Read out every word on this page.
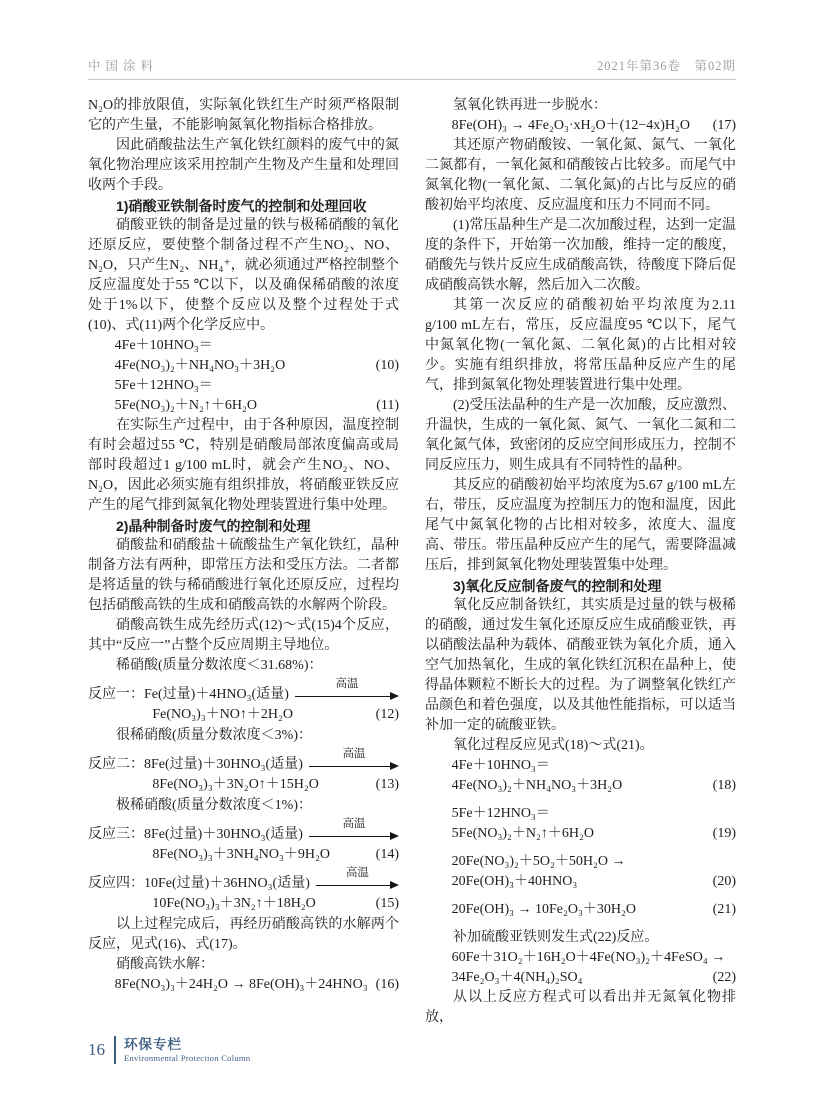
中国涂料	2021年第36卷　第02期
N₂O的排放限值，实际氧化铁红生产时须严格限制它的产生量，不能影响氮氧化物指标合格排放。
因此硝酸盐法生产氧化铁红颜料的废气中的氮氧化物治理应该采用控制产生物及产生量和处理回收两个手段。
1)硝酸亚铁制备时废气的控制和处理回收
硝酸亚铁的制备是过量的铁与极稀硝酸的氧化还原反应，要使整个制备过程不产生NO₂、NO、N₂O，只产生N₂、NH₄⁺，就必须通过严格控制整个反应温度处于55 ℃以下，以及确保稀硝酸的浓度处于1%以下，使整个反应以及整个过程处于式(10)、式(11)两个化学反应中。
4Fe＋10HNO₃＝
4Fe(NO₃)₂＋NH₄NO₃＋3H₂O	(10)
5Fe＋12HNO₃＝
5Fe(NO₃)₂＋N₂↑＋6H₂O	(11)
在实际生产过程中，由于各种原因，温度控制有时会超过55 ℃，特别是硝酸局部浓度偏高或局部时段超过1 g/100 mL时，就会产生NO₂、NO、N₂O，因此必须实施有组织排放，将硝酸亚铁反应产生的尾气排到氮氧化物处理装置进行集中处理。
2)晶种制备时废气的控制和处理
硝酸盐和硝酸盐＋硫酸盐生产氧化铁红，晶种制备方法有两种，即常压方法和受压方法。二者都是将适量的铁与稀硝酸进行氧化还原反应，过程均包括硝酸高铁的生成和硝酸高铁的水解两个阶段。
硝酸高铁生成先经历式(12)～式(15)4个反应，其中“反应一”占整个反应周期主导地位。
稀硝酸(质量分数浓度＜31.68%)：
反应一： Fe(过量)＋4HNO₃(适量)
高温
Fe(NO₃)₃＋NO↑＋2H₂O	(12)
很稀硝酸(质量分数浓度＜3%)：
反应二： 8Fe(过量)＋30HNO₃(适量)
高温
8Fe(NO₃)₃＋3N₂O↑＋15H₂O	(13)
极稀硝酸(质量分数浓度＜1%)：
反应三： 8Fe(过量)＋30HNO₃(适量)
高温
8Fe(NO₃)₃＋3NH₄NO₃＋9H₂O	(14)
反应四： 10Fe(过量)＋36HNO₃(适量)
高温
10Fe(NO₃)₃＋3N₂↑＋18H₂O	(15)
以上过程完成后，再经历硝酸高铁的水解两个反应，见式(16)、式(17)。
硝酸高铁水解：
8Fe(NO₃)₃＋24H₂O → 8Fe(OH)₃＋24HNO₃ (16)
氢氧化铁再进一步脱水：
8Fe(OH)₃ → 4Fe₂O₃·xH₂O＋(12−4x)H₂O (17)
其还原产物硝酸铵、一氧化氮、氮气、一氧化二氮都有，一氧化氮和硝酸铵占比较多。而尾气中氮氧化物(一氧化氮、二氧化氮)的占比与反应的硝酸初始平均浓度、反应温度和压力不同而不同。
(1)常压晶种生产是二次加酸过程，达到一定温度的条件下，开始第一次加酸，维持一定的酸度，硝酸先与铁片反应生成硝酸高铁，待酸度下降后促成硝酸高铁水解，然后加入二次酸。
其第一次反应的硝酸初始平均浓度为2.11 g/100 mL左右，常压，反应温度95 ℃以下，尾气中氮氧化物(一氧化氮、二氧化氮)的占比相对较少。实施有组织排放，将常压晶种反应产生的尾气，排到氮氧化物处理装置进行集中处理。
(2)受压法晶种的生产是一次加酸，反应激烈、升温快，生成的一氧化氮、氮气、一氧化二氮和二氧化氮气体，致密闭的反应空间形成压力，控制不同反应压力，则生成具有不同特性的晶种。
其反应的硝酸初始平均浓度为5.67 g/100 mL左右，带压，反应温度为控制压力的饱和温度，因此尾气中氮氧化物的占比相对较多，浓度大、温度高、带压。带压晶种反应产生的尾气，需要降温减压后，排到氮氧化物处理装置集中处理。
3)氧化反应制备废气的控制和处理
氧化反应制备铁红，其实质是过量的铁与极稀的硝酸，通过发生氧化还原反应生成硝酸亚铁，再以硝酸法晶种为载体、硝酸亚铁为氧化介质，通入空气加热氧化，生成的氧化铁红沉积在晶种上，使得晶体颗粒不断长大的过程。为了调整氧化铁红产品颜色和着色强度，以及其他性能指标，可以适当补加一定的硫酸亚铁。
氧化过程反应见式(18)～式(21)。
4Fe＋10HNO₃＝
4Fe(NO₃)₂＋NH₄NO₃＋3H₂O	(18)
5Fe＋12HNO₃＝
5Fe(NO₃)₂＋N₂↑＋6H₂O	(19)
20Fe(NO₃)₂＋5O₂＋50H₂O →
20Fe(OH)₃＋40HNO₃	(20)
20Fe(OH)₃ → 10Fe₂O₃＋30H₂O	(21)
补加硫酸亚铁则发生式(22)反应。
60Fe＋31O₂＋16H₂O＋4Fe(NO₃)₂＋4FeSO₄ →
34Fe₂O₃＋4(NH₄)₂SO₄	(22)
从以上反应方程式可以看出并无氮氧化物排放，
16	环保专栏
Environmental Protection Column
